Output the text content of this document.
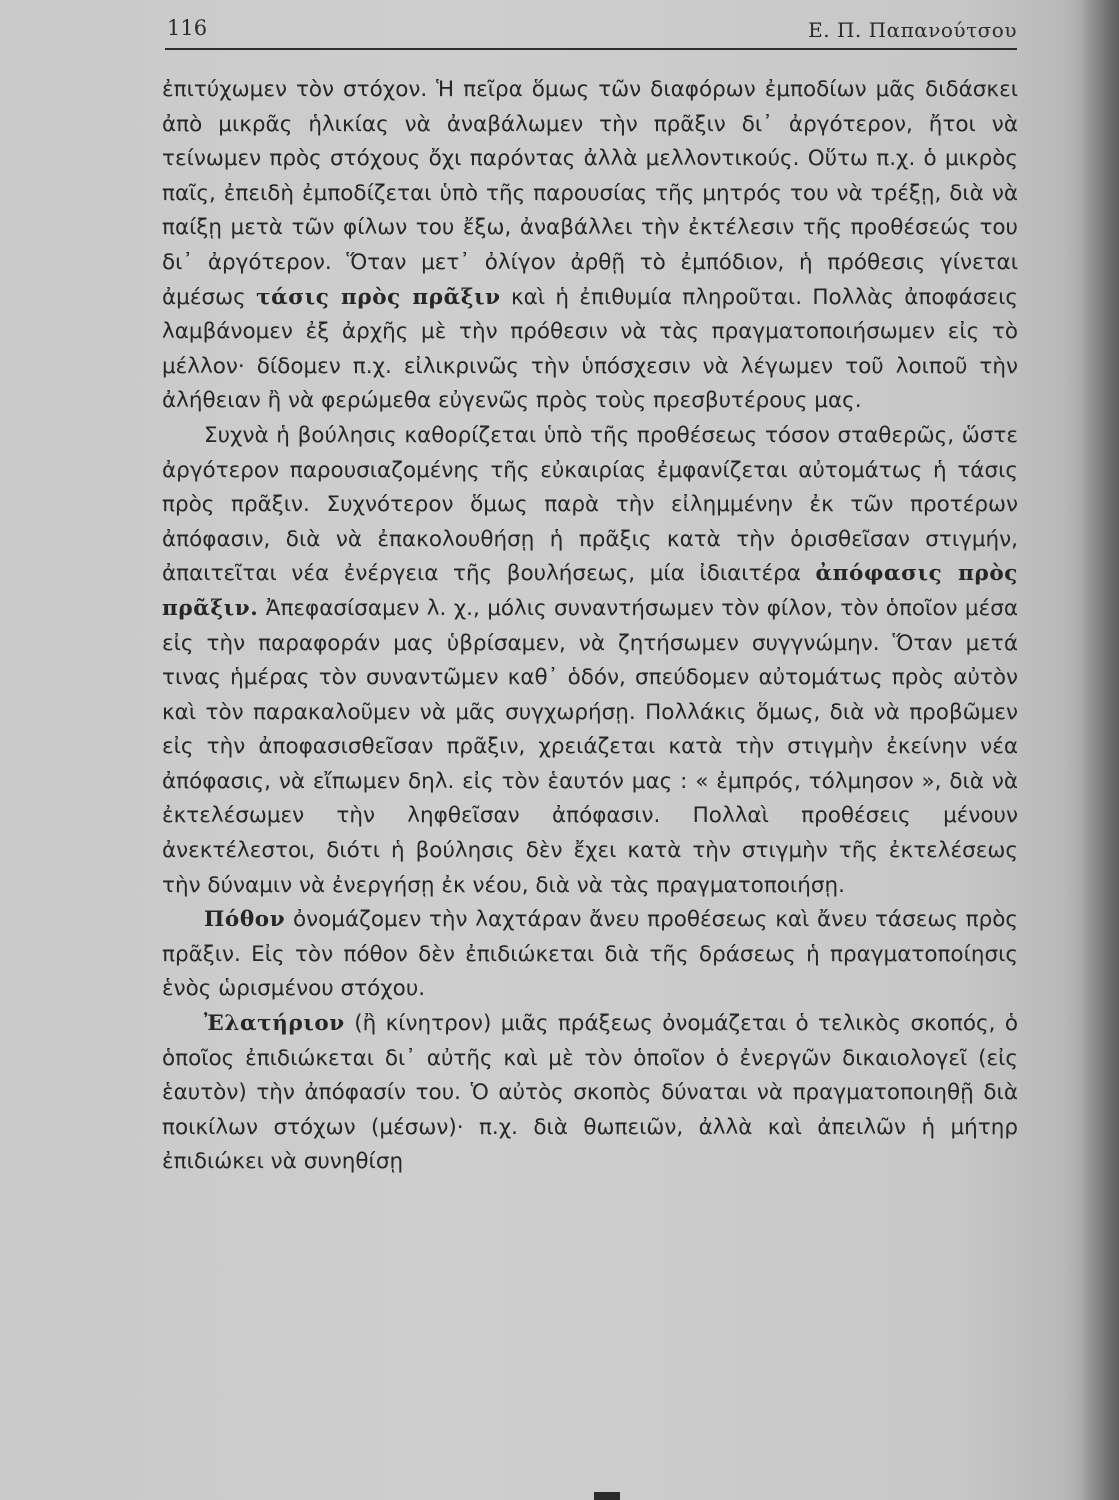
116	Ε. Π. Παπανούτσου

ἐπιτύχωμεν τὸν στόχον. Ἡ πεῖρα ὅμως τῶν διαφόρων ἐμποδίων μᾶς διδάσκει ἀπὸ μικρᾶς ἡλικίας νὰ ἀναβάλωμεν τὴν πρᾶξιν δι᾿ ἀργότερον, ἤτοι νὰ τείνωμεν πρὸς στόχους ὄχι παρόντας ἀλλὰ μελλοντικούς. Οὕτω π.χ. ὁ μικρὸς παῖς, ἐπειδὴ ἐμποδίζεται ὑπὸ τῆς παρουσίας τῆς μητρός του νὰ τρέξῃ, διὰ νὰ παίξῃ μετὰ τῶν φίλων του ἔξω, ἀναβάλλει τὴν ἐκτέλεσιν τῆς προθέσεώς του δι᾿ ἀργότερον. Ὅταν μετ᾿ ὀλίγον ἀρθῇ τὸ ἐμπόδιον, ἡ πρόθεσις γίνεται ἀμέσως τάσις πρὸς πρᾶξιν καὶ ἡ ἐπιθυμία πληροῦται. Πολλὰς ἀποφάσεις λαμβάνομεν ἐξ ἀρχῆς μὲ τὴν πρόθεσιν νὰ τὰς πραγματοποιήσωμεν εἰς τὸ μέλλον· δίδομεν π.χ. εἰλικρινῶς τὴν ὑπόσχεσιν νὰ λέγωμεν τοῦ λοιποῦ τὴν ἀλήθειαν ἢ νὰ φερώμεθα εὐγενῶς πρὸς τοὺς πρεσβυτέρους μας.

Συχνὰ ἡ βούλησις καθορίζεται ὑπὸ τῆς προθέσεως τόσον σταθερῶς, ὥστε ἀργότερον παρουσιαζομένης τῆς εὐκαιρίας ἐμφανίζεται αὐτομάτως ἡ τάσις πρὸς πρᾶξιν. Συχνότερον ὅμως παρὰ τὴν εἰλημμένην ἐκ τῶν προτέρων ἀπόφασιν, διὰ νὰ ἐπακολουθήσῃ ἡ πρᾶξις κατὰ τὴν ὁρισθεῖσαν στιγμήν, ἀπαιτεῖται νέα ἐνέργεια τῆς βουλήσεως, μία ἰδιαιτέρα ἀπόφασις πρὸς πρᾶξιν. Ἀπεφασίσαμεν λ. χ., μόλις συναντήσωμεν τὸν φίλον, τὸν ὁποῖον μέσα εἰς τὴν παραφοράν μας ὑβρίσαμεν, νὰ ζητήσωμεν συγγνώμην. Ὅταν μετά τινας ἡμέρας τὸν συναντῶμεν καθ᾿ ὁδόν, σπεύδομεν αὐτομάτως πρὸς αὐτὸν καὶ τὸν παρακαλοῦμεν νὰ μᾶς συγχωρήσῃ. Πολλάκις ὅμως, διὰ νὰ προβῶμεν εἰς τὴν ἀποφασισθεῖσαν πρᾶξιν, χρειάζεται κατὰ τὴν στιγμὴν ἐκείνην νέα ἀπόφασις, νὰ εἴπωμεν δηλ. εἰς τὸν ἑαυτόν μας : « ἐμπρός, τόλμησον », διὰ νὰ ἐκτελέσωμεν τὴν ληφθεῖσαν ἀπόφασιν. Πολλαὶ προθέσεις μένουν ἀνεκτέλεστοι, διότι ἡ βούλησις δὲν ἔχει κατὰ τὴν στιγμὴν τῆς ἐκτελέσεως τὴν δύναμιν νὰ ἐνεργήσῃ ἐκ νέου, διὰ νὰ τὰς πραγματοποιήσῃ.

Πόθον ὀνομάζομεν τὴν λαχτάραν ἄνευ προθέσεως καὶ ἄνευ τάσεως πρὸς πρᾶξιν. Εἰς τὸν πόθον δὲν ἐπιδιώκεται διὰ τῆς δράσεως ἡ πραγματοποίησις ἑνὸς ὡρισμένου στόχου.

Ἐλατήριον (ἢ κίνητρον) μιᾶς πράξεως ὀνομάζεται ὁ τελικὸς σκοπός, ὁ ὁποῖος ἐπιδιώκεται δι᾿ αὐτῆς καὶ μὲ τὸν ὁποῖον ὁ ἐνεργῶν δικαιολογεῖ (εἰς ἑαυτὸν) τὴν ἀπόφασίν του. Ὁ αὐτὸς σκοπὸς δύναται νὰ πραγματοποιηθῇ διὰ ποικίλων στόχων (μέσων)· π.χ. διὰ θωπειῶν, ἀλλὰ καὶ ἀπειλῶν ἡ μήτηρ ἐπιδιώκει νὰ συνηθίσῃ
